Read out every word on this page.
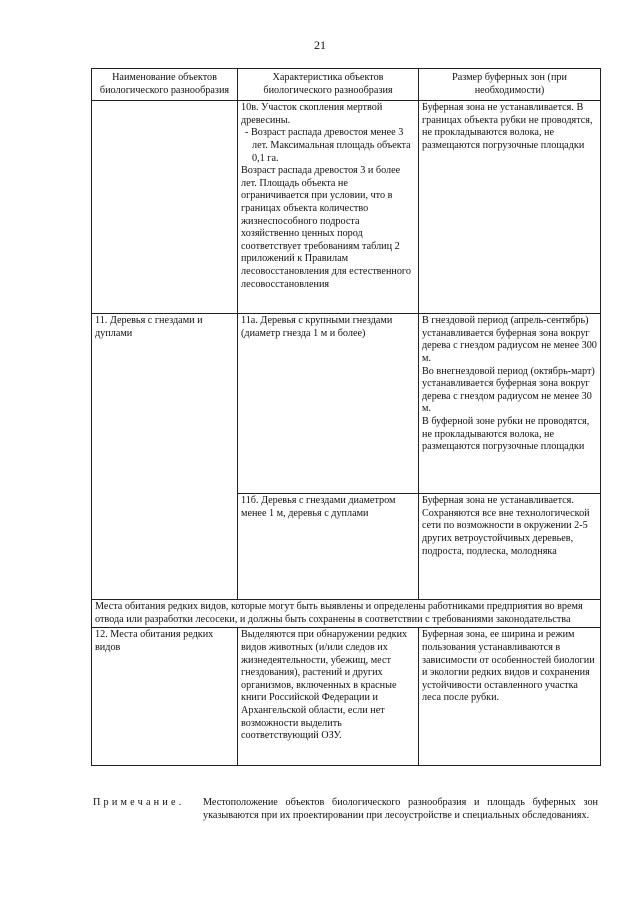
21
Наименование объектов биологического разнообразия	Характеристика объектов биологического разнообразия	Размер буферных зон (при необходимости)

	10в. Участок скопления мертвой древесины.
- Возраст распада древостоя менее 3 лет. Максимальная площадь объекта 0,1 га.
Возраст распада древостоя 3 и более лет. Площадь объекта не ограничивается при условии, что в границах объекта количество жизнеспособного подроста хозяйственно ценных пород соответствует требованиям таблиц 2 приложений к Правилам лесовосстановления для естественного лесовосстановления	Буферная зона не устанавливается. В границах объекта рубки не проводятся, не прокладываются волока, не размещаются погрузочные площадки
11. Деревья с гнездами и дуплами	11а. Деревья с крупными гнездами (диаметр гнезда 1 м и более)	В гнездовой период (апрель-сентябрь) устанавливается буферная зона вокруг дерева с гнездом радиусом не менее 300 м.
Во внегнездовой период (октябрь-март) устанавливается буферная зона вокруг дерева с гнездом радиусом не менее 30 м.
В буферной зоне рубки не проводятся, не прокладываются волока, не размещаются погрузочные площадки

	11б. Деревья с гнездами диаметром менее 1 м, деревья с дуплами	Буферная зона не устанавливается.
Сохраняются все вне технологической сети по возможности в окружении 2-5 других ветроустойчивых деревьев, подроста, подлеска, молодняка

Места обитания редких видов, которые могут быть выявлены и определены работниками предприятия во время отвода или разработки лесосеки, и должны быть сохранены в соответствии с требованиями законодательства		
12. Места обитания редких видов	Выделяются при обнаружении редких видов животных (и/или следов их жизнедеятельности, убежищ, мест гнездования), растений и других организмов, включенных в красные книги Российской Федерации и Архангельской области, если нет возможности выделить соответствующий ОЗУ.	Буферная зона, ее ширина и режим пользования устанавливаются в зависимости от особенностей биологии и экологии редких видов и сохранения устойчивости оставленного участка леса после рубки.
Примечание.	Местоположение объектов биологического разнообразия и площадь буферных зон указываются при их проектировании при лесоустройстве и специальных обследованиях.
